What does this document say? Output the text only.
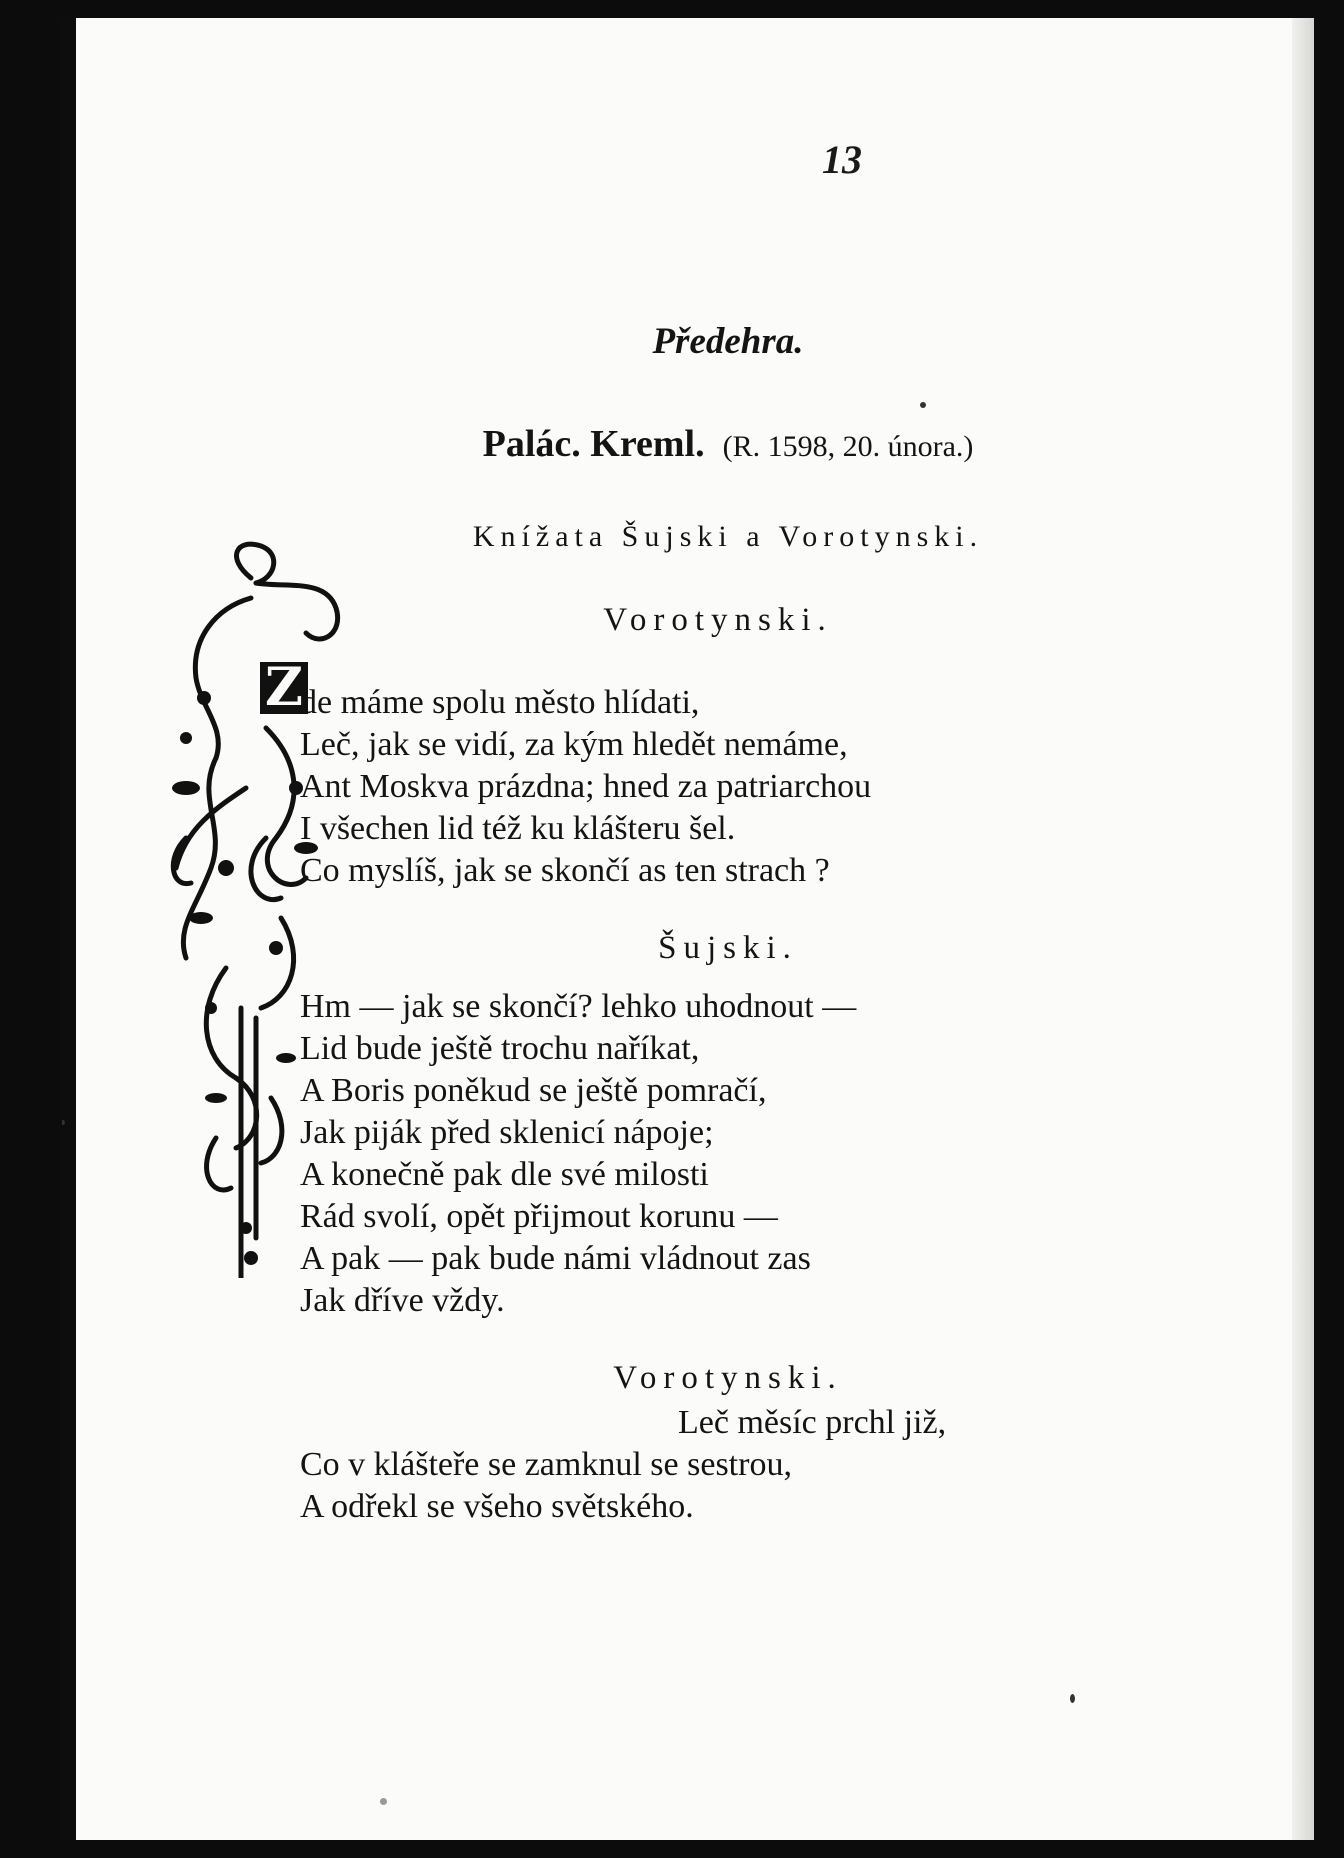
13
Předehra.
Palác. Kreml. (R. 1598, 20. února.)
Knížata Šujski a Vorotynski.
Z
Vorotynski.
de máme spolu město hlídati,
Leč, jak se vidí, za kým hledět nemáme,
Ant Moskva prázdna; hned za patriarchou
I všechen lid též ku klášteru šel.
Co myslíš, jak se skončí as ten strach ?
Šujski.
Hm — jak se skončí? lehko uhodnout —
Lid bude ještě trochu naříkat,
A Boris poněkud se ještě pomračí,
Jak piják před sklenicí nápoje;
A konečně pak dle své milosti
Rád svolí, opět přijmout korunu —
A pak — pak bude námi vládnout zas
Jak dříve vždy.
Vorotynski.
Leč měsíc prchl již,
Co v klášteře se zamknul se sestrou,
A odřekl se všeho světského.
